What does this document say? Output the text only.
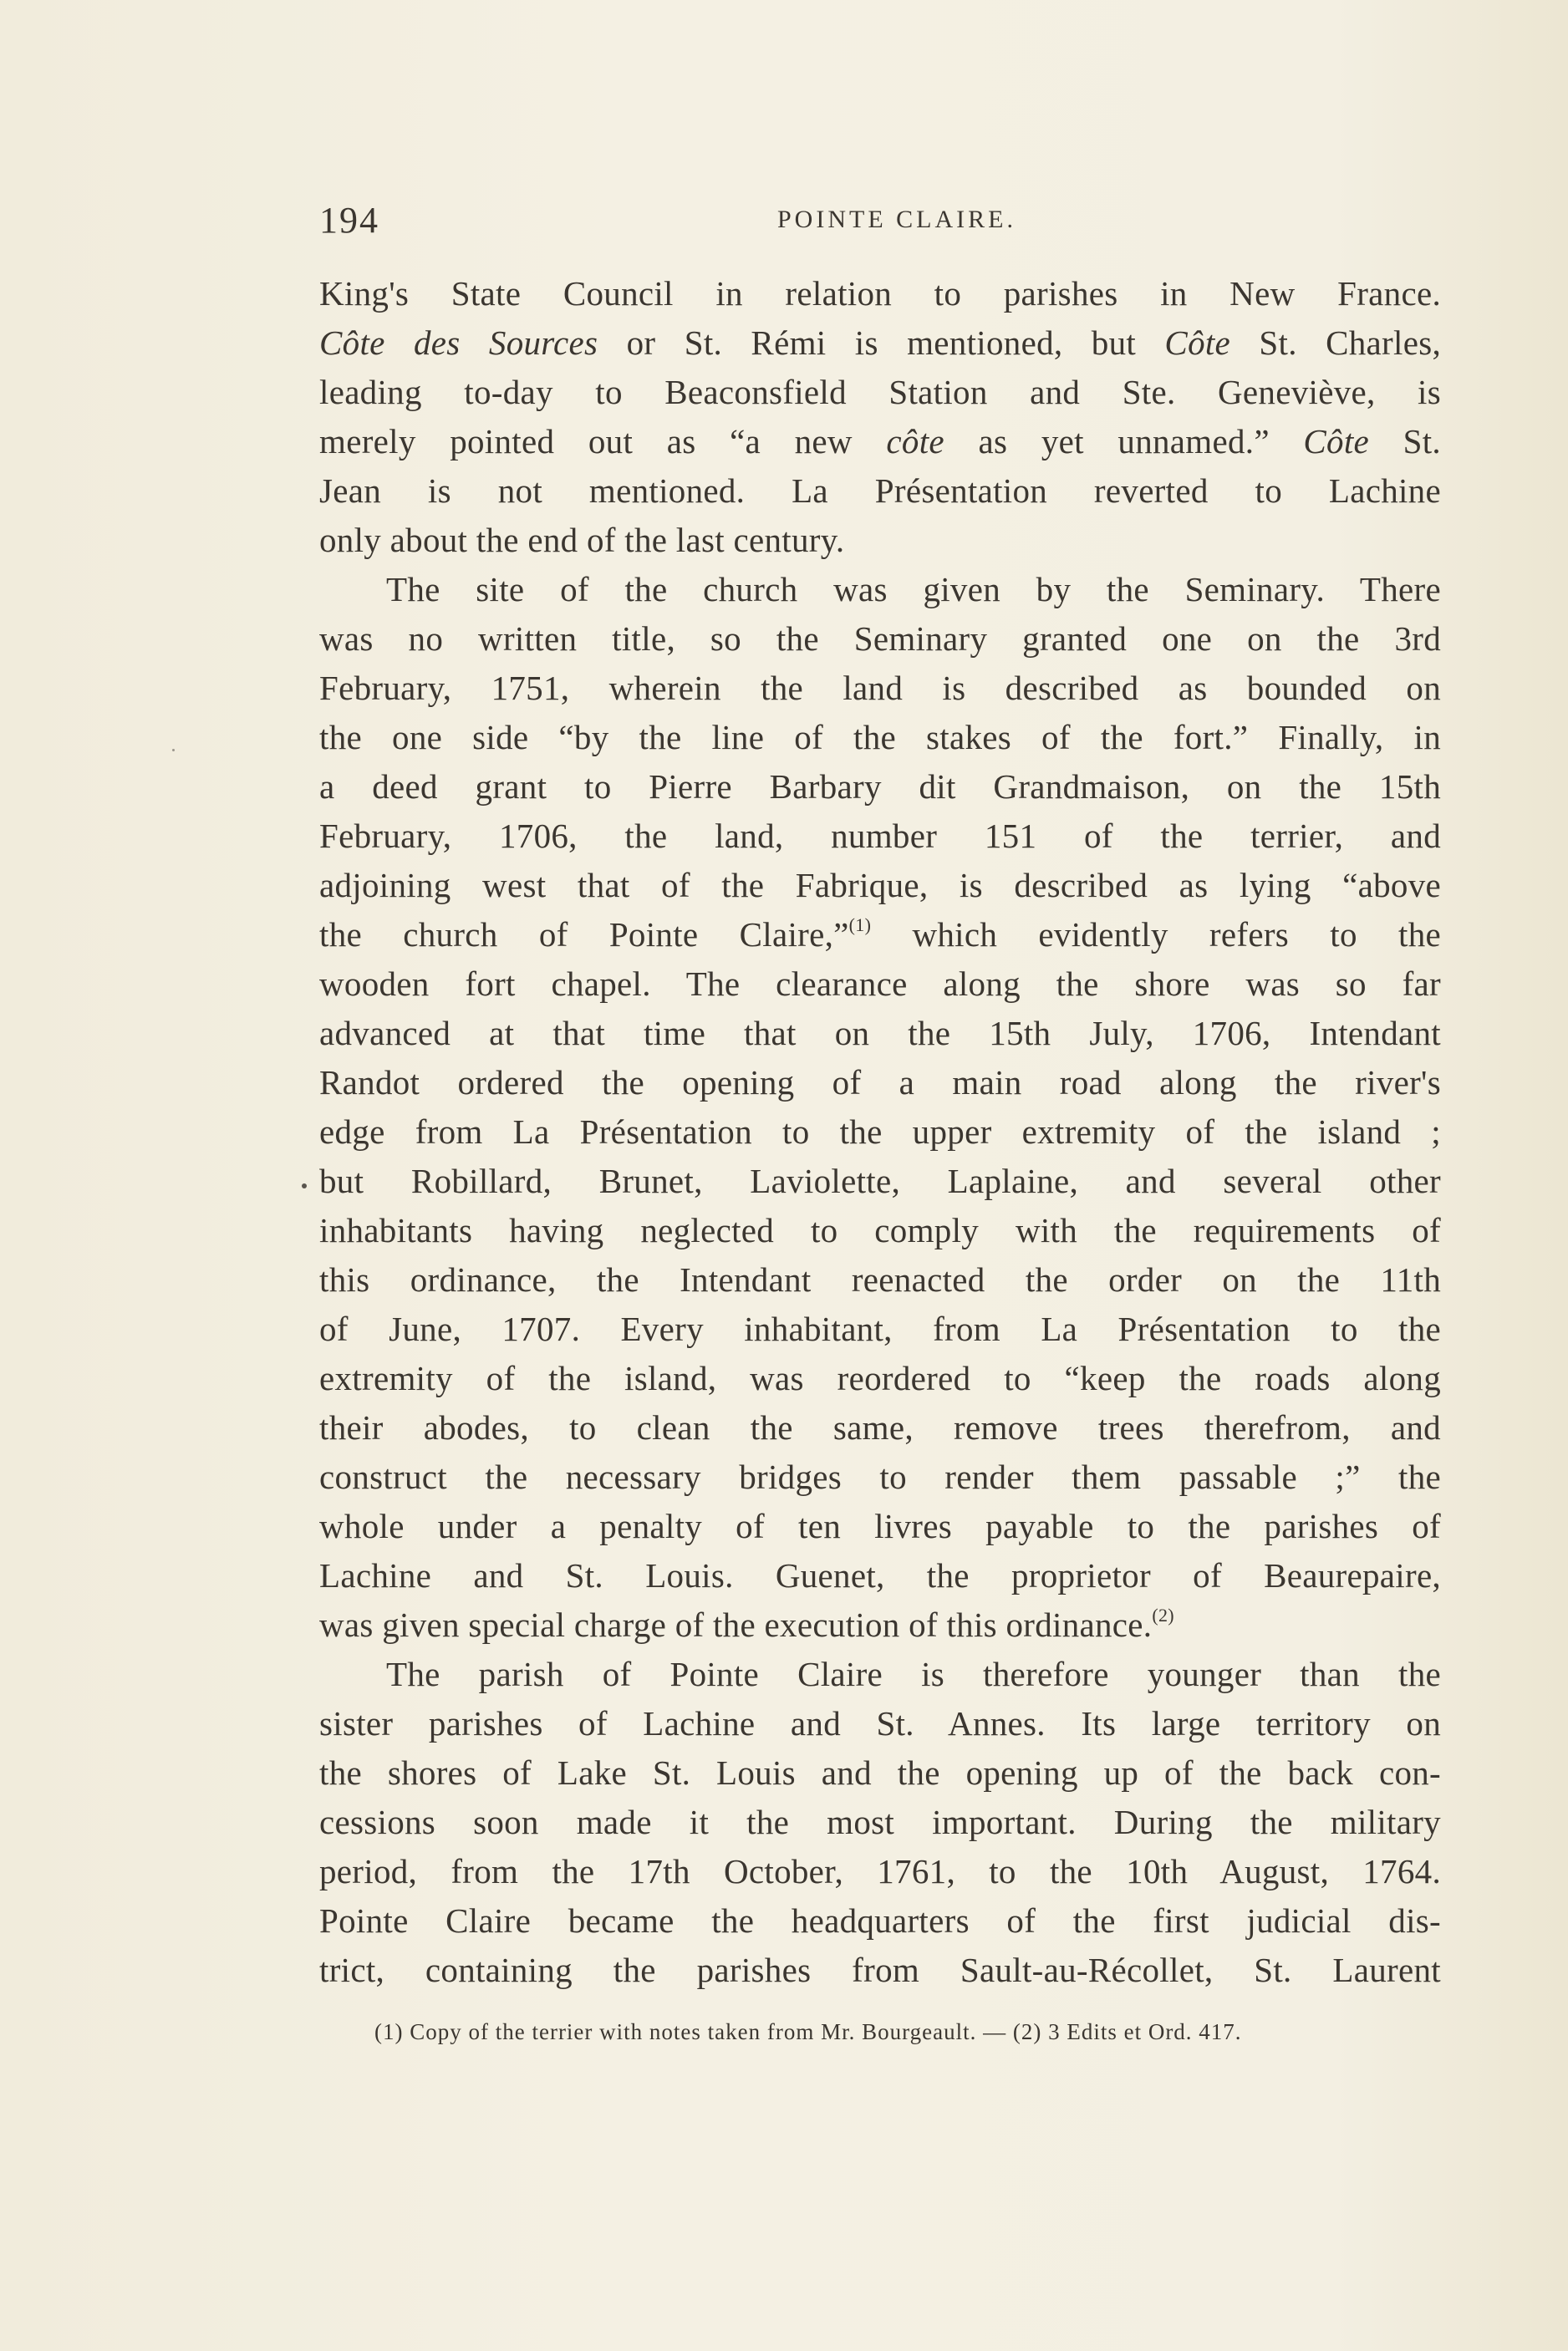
194	POINTE CLAIRE.
King's State Council in relation to parishes in New France.
Côte des Sources or St. Rémi is mentioned, but Côte St. Charles,
leading to-day to Beaconsfield Station and Ste. Geneviève, is
merely pointed out as “a new côte as yet unnamed.” Côte St.
Jean is not mentioned. La Présentation reverted to Lachine
only about the end of the last century.
The site of the church was given by the Seminary. There
was no written title, so the Seminary granted one on the 3rd
February, 1751, wherein the land is described as bounded on
the one side “by the line of the stakes of the fort.” Finally, in
a deed grant to Pierre Barbary dit Grandmaison, on the 15th
February, 1706, the land, number 151 of the terrier, and
adjoining west that of the Fabrique, is described as lying “above
the church of Pointe Claire,”$^{(1)}$ which evidently refers to the
wooden fort chapel. The clearance along the shore was so far
advanced at that time that on the 15th July, 1706, Intendant
Randot ordered the opening of a main road along the river's
edge from La Présentation to the upper extremity of the island ;
but Robillard, Brunet, Laviolette, Laplaine, and several other
inhabitants having neglected to comply with the requirements of
this ordinance, the Intendant reenacted the order on the 11th
of June, 1707. Every inhabitant, from La Présentation to the
extremity of the island, was reordered to “keep the roads along
their abodes, to clean the same, remove trees therefrom, and
construct the necessary bridges to render them passable ;” the
whole under a penalty of ten livres payable to the parishes of
Lachine and St. Louis. Guenet, the proprietor of Beaurepaire,
was given special charge of the execution of this ordinance.$^{(2)}$
The parish of Pointe Claire is therefore younger than the
sister parishes of Lachine and St. Annes. Its large territory on
the shores of Lake St. Louis and the opening up of the back con-
cessions soon made it the most important. During the military
period, from the 17th October, 1761, to the 10th August, 1764.
Pointe Claire became the headquarters of the first judicial dis-
trict, containing the parishes from Sault-au-Récollet, St. Laurent
(1) Copy of the terrier with notes taken from Mr. Bourgeault. — (2) 3 Edits et Ord. 417.
